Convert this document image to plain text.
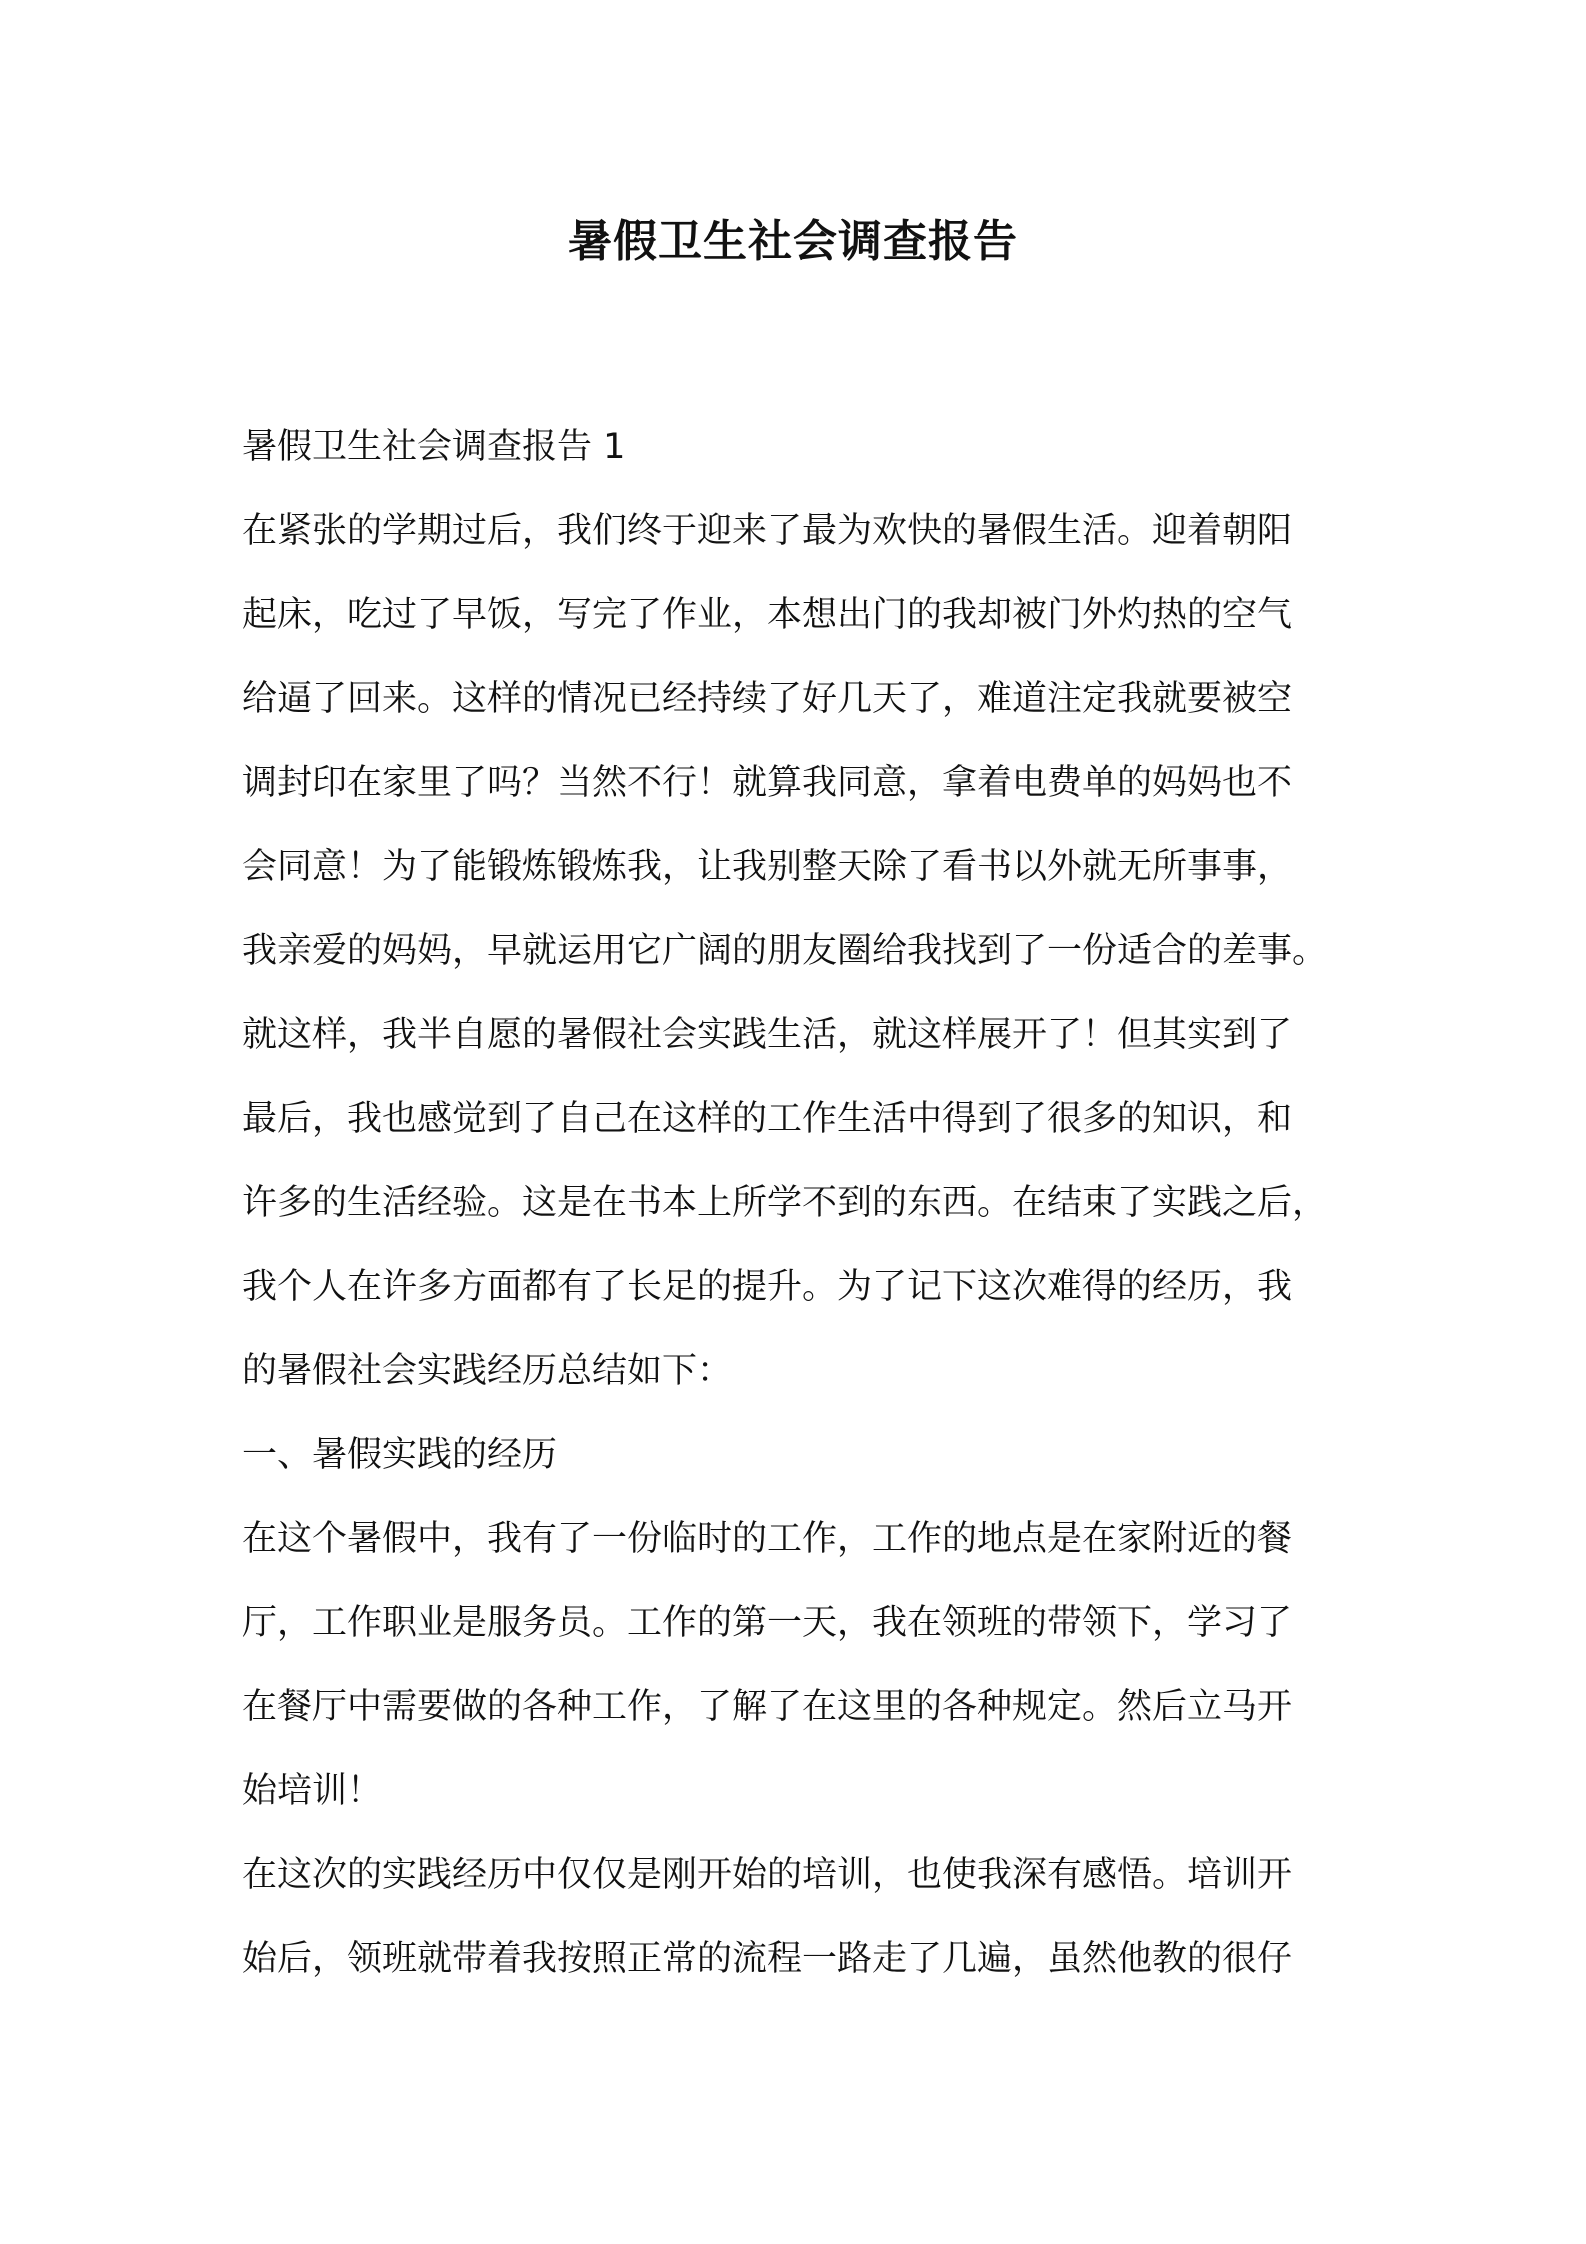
暑假卫生社会调查报告
暑假卫生社会调查报告 1
在紧张的学期过后，我们终于迎来了最为欢快的暑假生活。迎着朝阳
起床，吃过了早饭，写完了作业，本想出门的我却被门外灼热的空气
给逼了回来。这样的情况已经持续了好几天了，难道注定我就要被空
调封印在家里了吗？当然不行！就算我同意，拿着电费单的妈妈也不
会同意！为了能锻炼锻炼我，让我别整天除了看书以外就无所事事，
我亲爱的妈妈，早就运用它广阔的朋友圈给我找到了一份适合的差事。
就这样，我半自愿的暑假社会实践生活，就这样展开了！但其实到了
最后，我也感觉到了自己在这样的工作生活中得到了很多的知识，和
许多的生活经验。这是在书本上所学不到的东西。在结束了实践之后，
我个人在许多方面都有了长足的提升。为了记下这次难得的经历，我
的暑假社会实践经历总结如下：
一、暑假实践的经历
在这个暑假中，我有了一份临时的工作，工作的地点是在家附近的餐
厅，工作职业是服务员。工作的第一天，我在领班的带领下，学习了
在餐厅中需要做的各种工作，了解了在这里的各种规定。然后立马开
始培训！
在这次的实践经历中仅仅是刚开始的培训，也使我深有感悟。培训开
始后，领班就带着我按照正常的流程一路走了几遍，虽然他教的很仔
